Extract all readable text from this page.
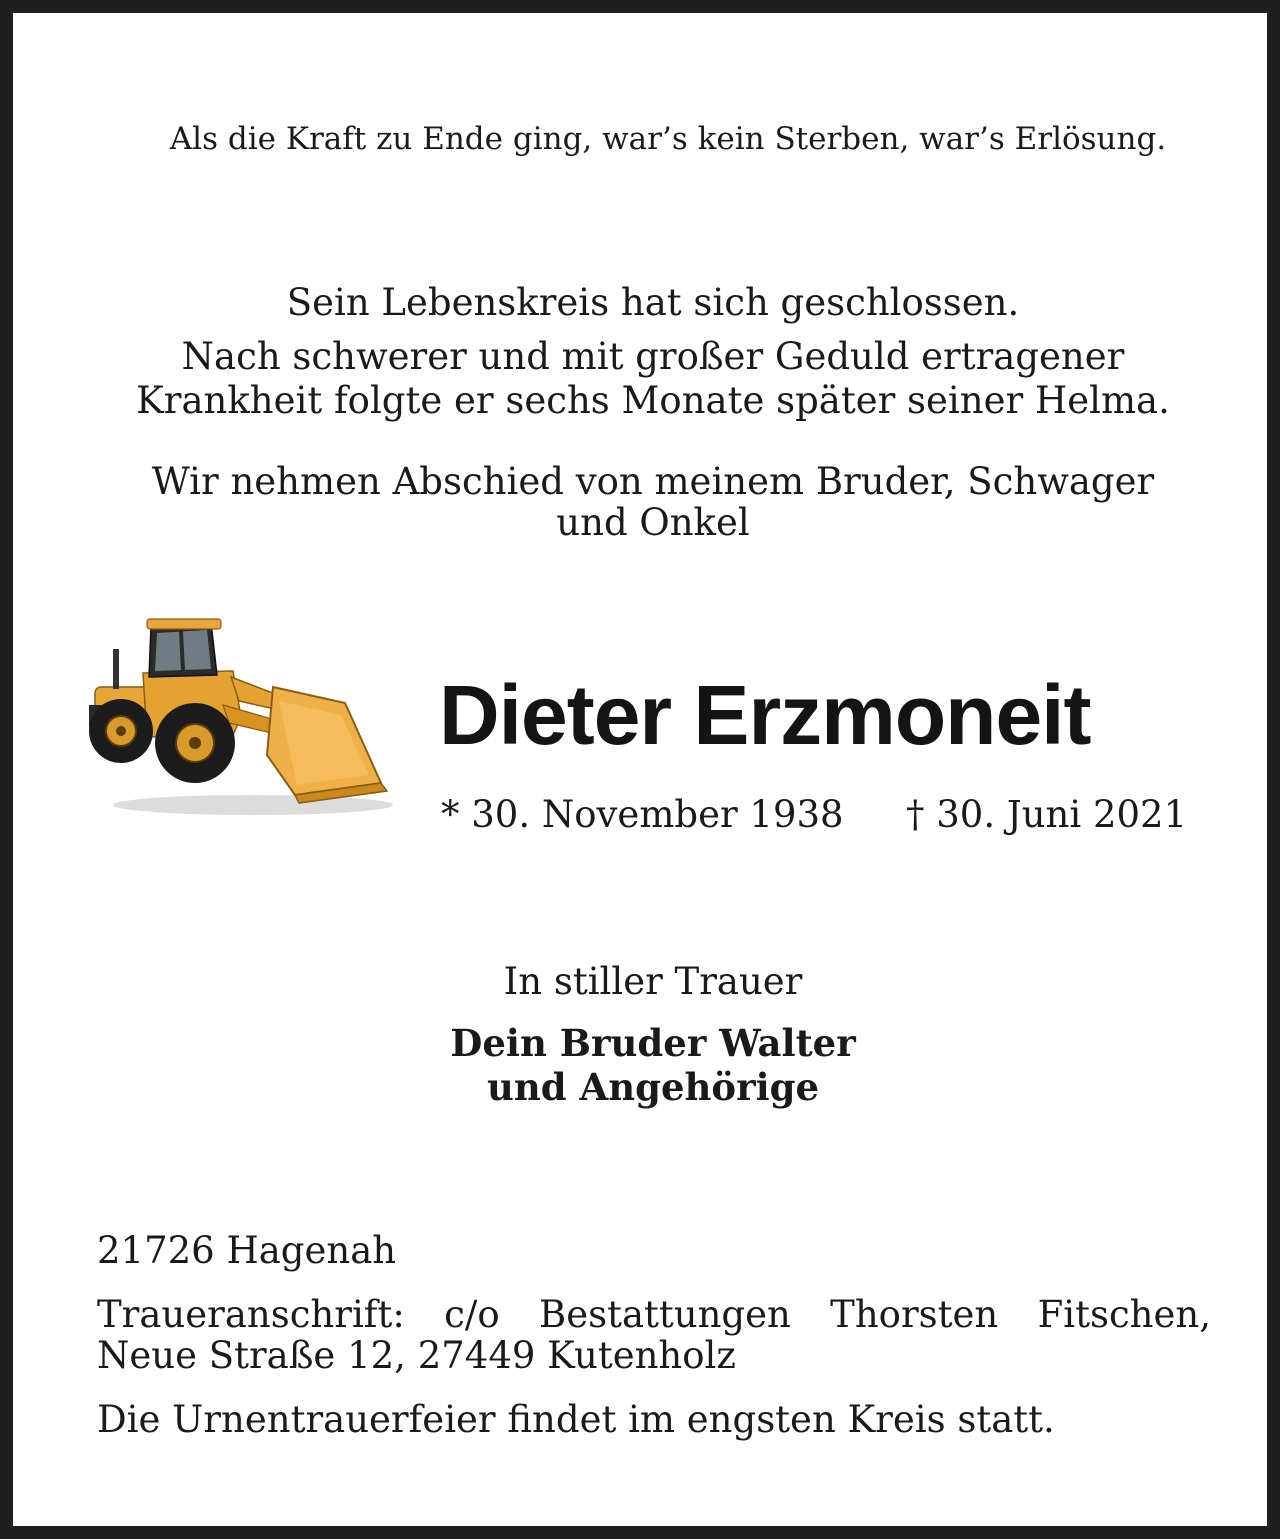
Als die Kraft zu Ende ging, war’s kein Sterben, war’s Erlösung.
Sein Lebenskreis hat sich geschlossen.
Nach schwerer und mit großer Geduld ertragener
Krankheit folgte er sechs Monate später seiner Helma.
Wir nehmen Abschied von meinem Bruder, Schwager
und Onkel
Dieter Erzmoneit
* 30. November 1938 † 30. Juni 2021
In stiller Trauer
Dein Bruder Walter
und Angehörige
21726 Hagenah
Traueranschrift: c/o Bestattungen Thorsten Fitschen,
Neue Straße 12, 27449 Kutenholz
Die Urnentrauerfeier findet im engsten Kreis statt.
